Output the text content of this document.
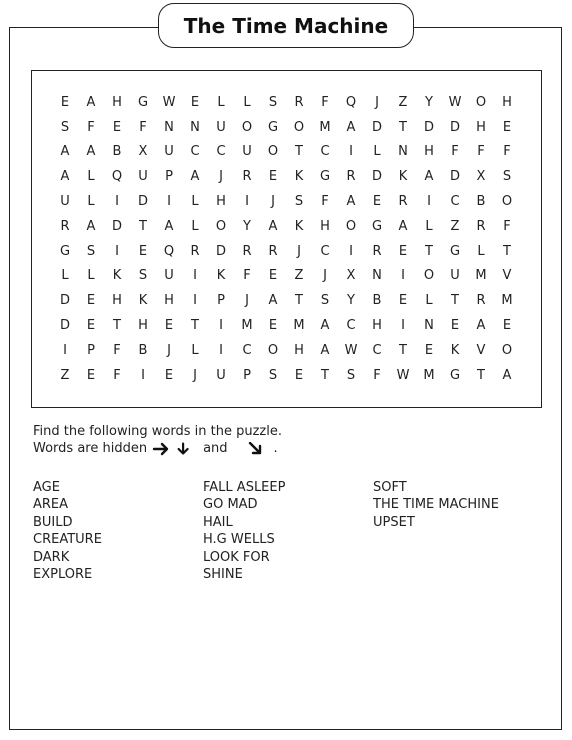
The Time Machine
E	A	H	G	W	E	L	L	S	R	F	Q	J	Z	Y	W	O	H
S	F	E	F	N	N	U	O	G	O	M	A	D	T	D	D	H	E
A	A	B	X	U	C	C	U	O	T	C	I	L	N	H	F	F	F
A	L	Q	U	P	A	J	R	E	K	G	R	D	K	A	D	X	S
U	L	I	D	I	L	H	I	J	S	F	A	E	R	I	C	B	O
R	A	D	T	A	L	O	Y	A	K	H	O	G	A	L	Z	R	F
G	S	I	E	Q	R	D	R	R	J	C	I	R	E	T	G	L	T
L	L	K	S	U	I	K	F	E	Z	J	X	N	I	O	U	M	V
D	E	H	K	H	I	P	J	A	T	S	Y	B	E	L	T	R	M
D	E	T	H	E	T	I	M	E	M	A	C	H	I	N	E	A	E
I	P	F	B	J	L	I	C	O	H	A	W	C	T	E	K	V	O
Z	E	F	I	E	J	U	P	S	E	T	S	F	W	M	G	T	A
Find the following words in the puzzle.
Words are hidden	and	.
AGE
AREA
BUILD
CREATURE
DARK
EXPLORE
FALL ASLEEP
GO MAD
HAIL
H.G WELLS
LOOK FOR
SHINE
SOFT
THE TIME MACHINE
UPSET
